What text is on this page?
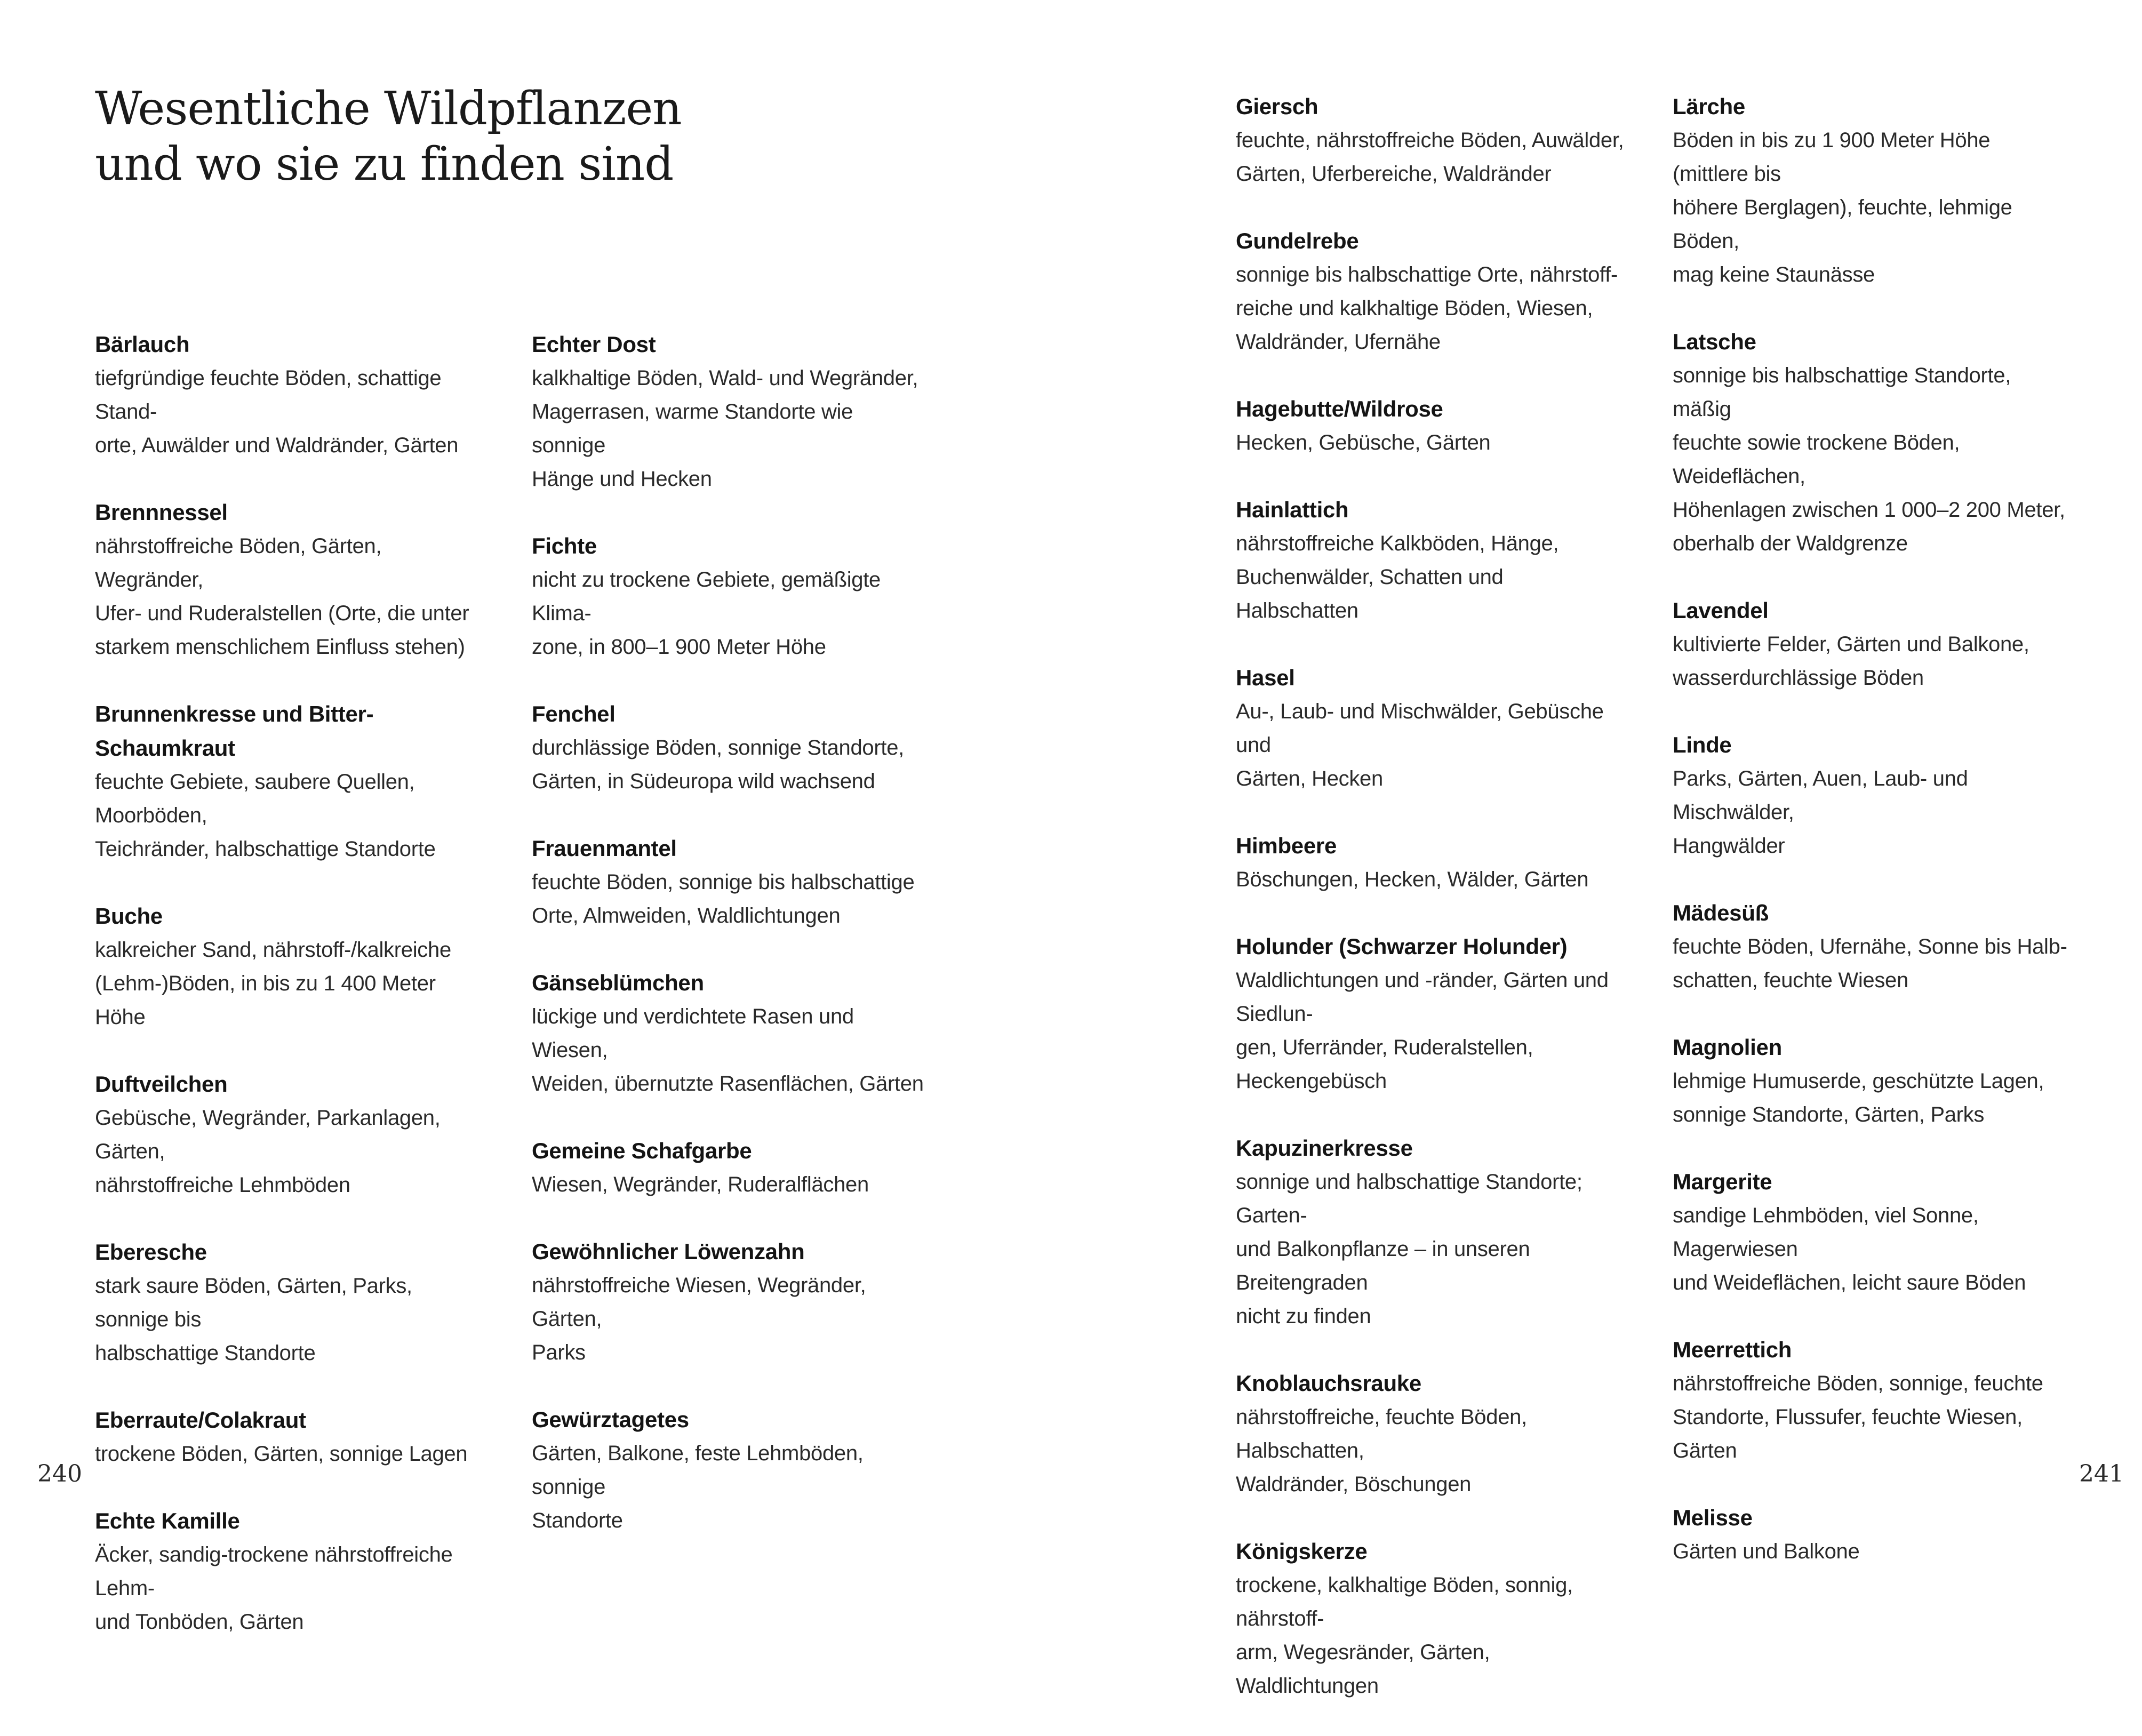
Wesentliche Wildpflanzen
und wo sie zu finden sind
Bärlauch
tiefgründige feuchte Böden, schattige Stand-
orte, Auwälder und Waldränder, Gärten
Brennnessel
nährstoffreiche Böden, Gärten, Wegränder,
Ufer- und Ruderalstellen (Orte, die unter
starkem menschlichem Einfluss stehen)
Brunnenkresse und Bitter-Schaumkraut
feuchte Gebiete, saubere Quellen, Moorböden,
Teichränder, halbschattige Standorte
Buche
kalkreicher Sand, nährstoff-/kalkreiche
(Lehm-)Böden, in bis zu 1 400 Meter Höhe
Duftveilchen
Gebüsche, Wegränder, Parkanlagen, Gärten,
nährstoffreiche Lehmböden
Eberesche
stark saure Böden, Gärten, Parks, sonnige bis
halbschattige Standorte
Eberraute/Colakraut
trockene Böden, Gärten, sonnige Lagen
Echte Kamille
Äcker, sandig-trockene nährstoffreiche Lehm-
und Tonböden, Gärten
Echter Dost
kalkhaltige Böden, Wald- und Wegränder,
Magerrasen, warme Standorte wie sonnige
Hänge und Hecken
Fichte
nicht zu trockene Gebiete, gemäßigte Klima-
zone, in 800–1 900 Meter Höhe
Fenchel
durchlässige Böden, sonnige Standorte,
Gärten, in Südeuropa wild wachsend
Frauenmantel
feuchte Böden, sonnige bis halbschattige
Orte, Almweiden, Waldlichtungen
Gänseblümchen
lückige und verdichtete Rasen und Wiesen,
Weiden, übernutzte Rasenflächen, Gärten
Gemeine Schafgarbe
Wiesen, Wegränder, Ruderalflächen
Gewöhnlicher Löwenzahn
nährstoffreiche Wiesen, Wegränder, Gärten,
Parks
Gewürztagetes
Gärten, Balkone, feste Lehmböden, sonnige
Standorte
Giersch
feuchte, nährstoffreiche Böden, Auwälder,
Gärten, Uferbereiche, Waldränder
Gundelrebe
sonnige bis halbschattige Orte, nährstoff-
reiche und kalkhaltige Böden, Wiesen,
Waldränder, Ufernähe
Hagebutte/Wildrose
Hecken, Gebüsche, Gärten
Hainlattich
nährstoffreiche Kalkböden, Hänge,
Buchenwälder, Schatten und Halbschatten
Hasel
Au-, Laub- und Mischwälder, Gebüsche und
Gärten, Hecken
Himbeere
Böschungen, Hecken, Wälder, Gärten
Holunder (Schwarzer Holunder)
Waldlichtungen und -ränder, Gärten und Siedlun-
gen, Uferränder, Ruderalstellen, Heckengebüsch
Kapuzinerkresse
sonnige und halbschattige Standorte; Garten-
und Balkonpflanze – in unseren Breitengraden
nicht zu finden
Knoblauchsrauke
nährstoffreiche, feuchte Böden, Halbschatten,
Waldränder, Böschungen
Königskerze
trockene, kalkhaltige Böden, sonnig, nährstoff-
arm, Wegesränder, Gärten, Waldlichtungen
Lärche
Böden in bis zu 1 900 Meter Höhe (mittlere bis
höhere Berglagen), feuchte, lehmige Böden,
mag keine Staunässe
Latsche
sonnige bis halbschattige Standorte, mäßig
feuchte sowie trockene Böden, Weideflächen,
Höhenlagen zwischen 1 000–2 200 Meter,
oberhalb der Waldgrenze
Lavendel
kultivierte Felder, Gärten und Balkone,
wasserdurchlässige Böden
Linde
Parks, Gärten, Auen, Laub- und Mischwälder,
Hangwälder
Mädesüß
feuchte Böden, Ufernähe, Sonne bis Halb-
schatten, feuchte Wiesen
Magnolien
lehmige Humuserde, geschützte Lagen,
sonnige Standorte, Gärten, Parks
Margerite
sandige Lehmböden, viel Sonne, Magerwiesen
und Weideflächen, leicht saure Böden
Meerrettich
nährstoffreiche Böden, sonnige, feuchte
Standorte, Flussufer, feuchte Wiesen, Gärten
Melisse
Gärten und Balkone
240	241
